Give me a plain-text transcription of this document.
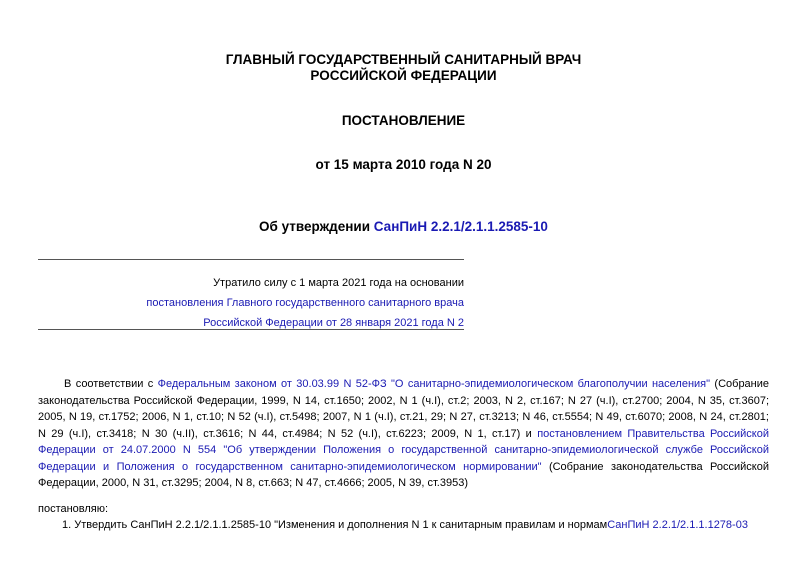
ГЛАВНЫЙ ГОСУДАРСТВЕННЫЙ САНИТАРНЫЙ ВРАЧ
РОССИЙСКОЙ ФЕДЕРАЦИИ
ПОСТАНОВЛЕНИЕ
от 15 марта 2010 года N 20
Об утверждении СанПиН 2.2.1/2.1.1.2585-10
Утратило силу с 1 марта 2021 года на основании
постановления Главного государственного санитарного врача
Российской Федерации от 28 января 2021 года N 2
В соответствии с Федеральным законом от 30.03.99 N 52-ФЗ "О санитарно-эпидемиологическом благополучии населения" (Собрание законодательства Российской Федерации, 1999, N 14, ст.1650; 2002, N 1 (ч.I), ст.2; 2003, N 2, ст.167; N 27 (ч.I), ст.2700; 2004, N 35, ст.3607; 2005, N 19, ст.1752; 2006, N 1, ст.10; N 52 (ч.I), ст.5498; 2007, N 1 (ч.I), ст.21, 29; N 27, ст.3213; N 46, ст.5554; N 49, ст.6070; 2008, N 24, ст.2801; N 29 (ч.I), ст.3418; N 30 (ч.II), ст.3616; N 44, ст.4984; N 52 (ч.I), ст.6223; 2009, N 1, ст.17) и постановлением Правительства Российской Федерации от 24.07.2000 N 554 "Об утверждении Положения о государственной санитарно-эпидемиологической службе Российской Федерации и Положения о государственном санитарно-эпидемиологическом нормировании" (Собрание законодательства Российской Федерации, 2000, N 31, ст.3295; 2004, N 8, ст.663; N 47, ст.4666; 2005, N 39, ст.3953)
постановляю:
1. Утвердить СанПиН 2.2.1/2.1.1.2585-10 "Изменения и дополнения N 1 к санитарным правилам и нормамСанПиН 2.2.1/2.1.1.1278-03
